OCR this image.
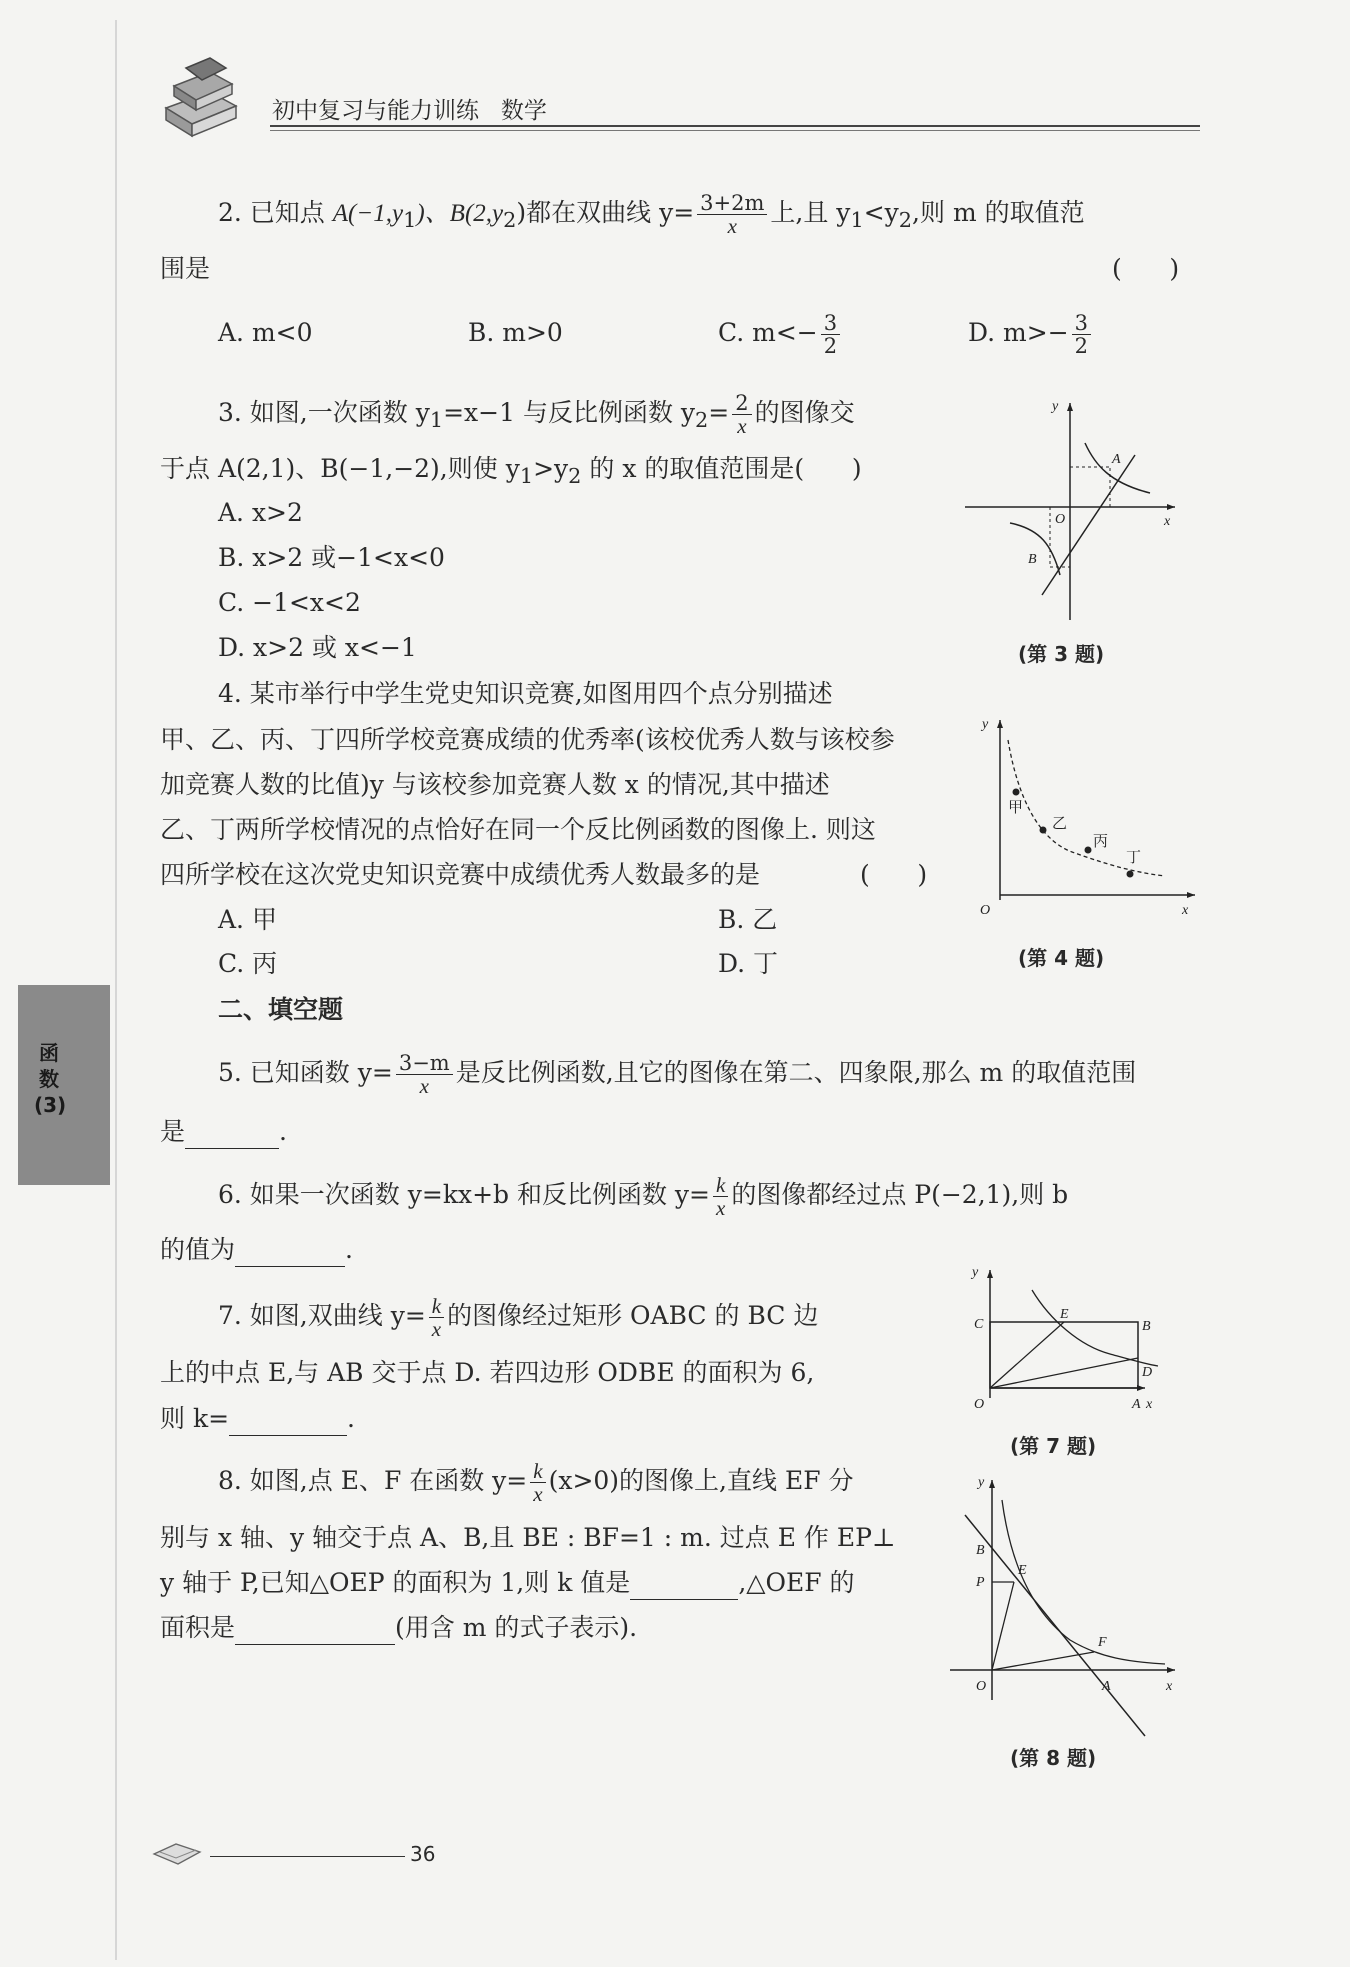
初中复习与能力训练   数学
函
数
(3)
2. 已知点 $A(-1,y_1)$、$B(2,y_2)$都在双曲线 $y= \frac{3+2m}{x}$ 上,且 $y_1<y_2$,则 m 的取值范
围是	(      )
A. m<0	B. m>0	C. $m<- \frac{3}{2}$	D. $m>- \frac{3}{2}$
3. 如图,一次函数 $y_1=x-1$ 与反比例函数 $y_2= \frac{2}{x}$ 的图像交
于点 A(2,1)、B(−1,−2),则使 $y_1>y_2$ 的 x 的取值范围是(      )
A. x>2
B. x>2 或−1<x<0
C. −1<x<2
D. x>2 或 x<−1
y
x
O
A
B
(第 3 题)
4. 某市举行中学生党史知识竞赛,如图用四个点分别描述
甲、乙、丙、丁四所学校竞赛成绩的优秀率(该校优秀人数与该校参
加竞赛人数的比值)y 与该校参加竞赛人数 x 的情况,其中描述
乙、丁两所学校情况的点恰好在同一个反比例函数的图像上. 则这
四所学校在这次党史知识竞赛中成绩优秀人数最多的是	(      )
A. 甲	B. 乙
C. 丙	D. 丁
y
x
O
甲
乙
丙
丁
(第 4 题)
二、填空题
5. 已知函数 $y= \frac{3-m}{x}$ 是反比例函数,且它的图像在第二、四象限,那么 m 的取值范围
是	.
6. 如果一次函数 y=kx+b 和反比例函数 $y= \frac{k}{x}$ 的图像都经过点 P(−2,1),则 b
的值为	.
7. 如图,双曲线 $y= \frac{k}{x}$ 的图像经过矩形 OABC 的 BC 边
上的中点 E,与 AB 交于点 D. 若四边形 ODBE 的面积为 6,
则 k=	.
y
x
O
C
E
B
D
A
(第 7 题)
8. 如图,点 E、F 在函数 $y= \frac{k}{x} (x>0)$的图像上,直线 EF 分
别与 x 轴、y 轴交于点 A、B,且 BE : BF=1 : m. 过点 E 作 EP⊥
y 轴于 P,已知△OEP 的面积为 1,则 k 值是	,△OEF 的
面积是	(用含 m 的式子表示).
y
x
O
B
P
E
F
A
(第 8 题)
36
